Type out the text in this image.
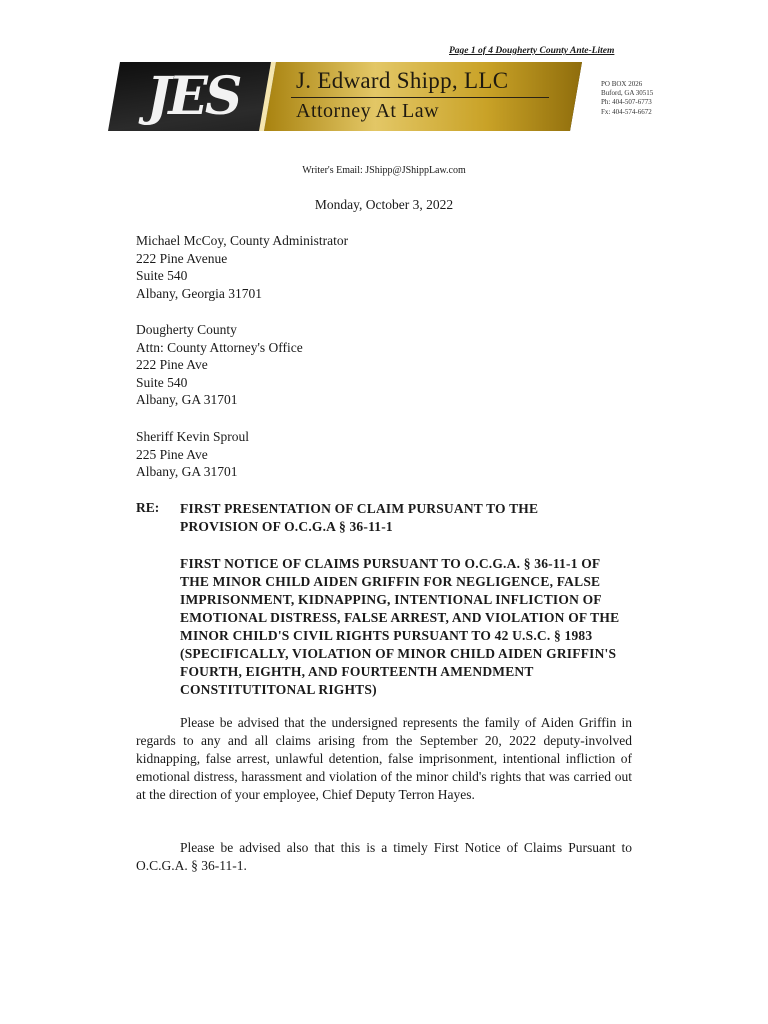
Page 1 of 4 Dougherty County Ante-Litem
JES	J. Edward Shipp, LLC
Attorney At Law
PO BOX 2026
Buford, GA 30515
Ph: 404-507-6773
Fx: 404-574-6672
Writer's Email: JShipp@JShippLaw.com
Monday, October 3, 2022
Michael McCoy, County Administrator
222 Pine Avenue
Suite 540
Albany, Georgia 31701
Dougherty County
Attn: County Attorney's Office
222 Pine Ave
Suite 540
Albany, GA 31701
Sheriff Kevin Sproul
225 Pine Ave
Albany, GA 31701
RE: FIRST PRESENTATION OF CLAIM PURSUANT TO THE PROVISION OF O.C.G.A § 36-11-1
FIRST NOTICE OF CLAIMS PURSUANT TO O.C.G.A. § 36-11-1 OF THE MINOR CHILD AIDEN GRIFFIN FOR NEGLIGENCE, FALSE IMPRISONMENT, KIDNAPPING, INTENTIONAL INFLICTION OF EMOTIONAL DISTRESS, FALSE ARREST, AND VIOLATION OF THE MINOR CHILD'S CIVIL RIGHTS PURSUANT TO 42 U.S.C. § 1983 (SPECIFICALLY, VIOLATION OF MINOR CHILD AIDEN GRIFFIN'S FOURTH, EIGHTH, AND FOURTEENTH AMENDMENT CONSTITUTITONAL RIGHTS)
Please be advised that the undersigned represents the family of Aiden Griffin in regards to any and all claims arising from the September 20, 2022 deputy-involved kidnapping, false arrest, unlawful detention, false imprisonment, intentional infliction of emotional distress, harassment and violation of the minor child's rights that was carried out at the direction of your employee, Chief Deputy Terron Hayes.
Please be advised also that this is a timely First Notice of Claims Pursuant to O.C.G.A. § 36-11-1.
